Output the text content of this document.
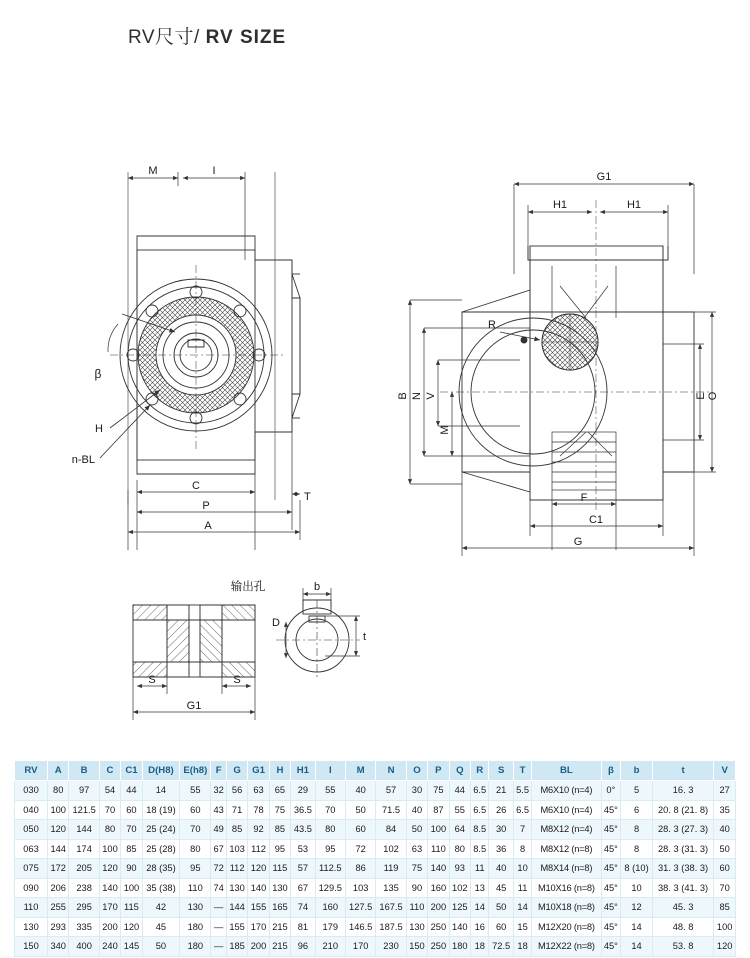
RV尺寸/ RV SIZE
M	I
C
P
A
T
β
H
n-BL
G1
H1	H1
R
B N V
M
O
E
F
C1
G
输出孔
S	S
G1
D
b
t
RV	A	B	C	C1	D(H8)	E(h8)	F	G	G1	H	H1	I	M	N	O	P	Q	R	S	T	BL	β	b	t	V
030	80	97	54	44	14	55	32	56	63	65	29	55	40	57	30	75	44	6.5	21	5.5	M6X10 (n=4)	0°	5	16. 3	27
040	100	121.5	70	60	18 (19)	60	43	71	78	75	36.5	70	50	71.5	40	87	55	6.5	26	6.5	M6X10 (n=4)	45°	6	20. 8 (21. 8)	35
050	120	144	80	70	25 (24)	70	49	85	92	85	43.5	80	60	84	50	100	64	8.5	30	7	M8X12 (n=4)	45°	8	28. 3 (27. 3)	40
063	144	174	100	85	25 (28)	80	67	103	112	95	53	95	72	102	63	110	80	8.5	36	8	M8X12 (n=8)	45°	8	28. 3 (31. 3)	50
075	172	205	120	90	28 (35)	95	72	112	120	115	57	112.5	86	119	75	140	93	11	40	10	M8X14 (n=8)	45°	8 (10)	31. 3 (38. 3)	60
090	206	238	140	100	35 (38)	110	74	130	140	130	67	129.5	103	135	90	160	102	13	45	11	M10X16 (n=8)	45°	10	38. 3 (41. 3)	70
110	255	295	170	115	42	130	—	144	155	165	74	160	127.5	167.5	110	200	125	14	50	14	M10X18 (n=8)	45°	12	45. 3	85
130	293	335	200	120	45	180	—	155	170	215	81	179	146.5	187.5	130	250	140	16	60	15	M12X20 (n=8)	45°	14	48. 8	100
150	340	400	240	145	50	180	—	185	200	215	96	210	170	230	150	250	180	18	72.5	18	M12X22 (n=8)	45°	14	53. 8	120
